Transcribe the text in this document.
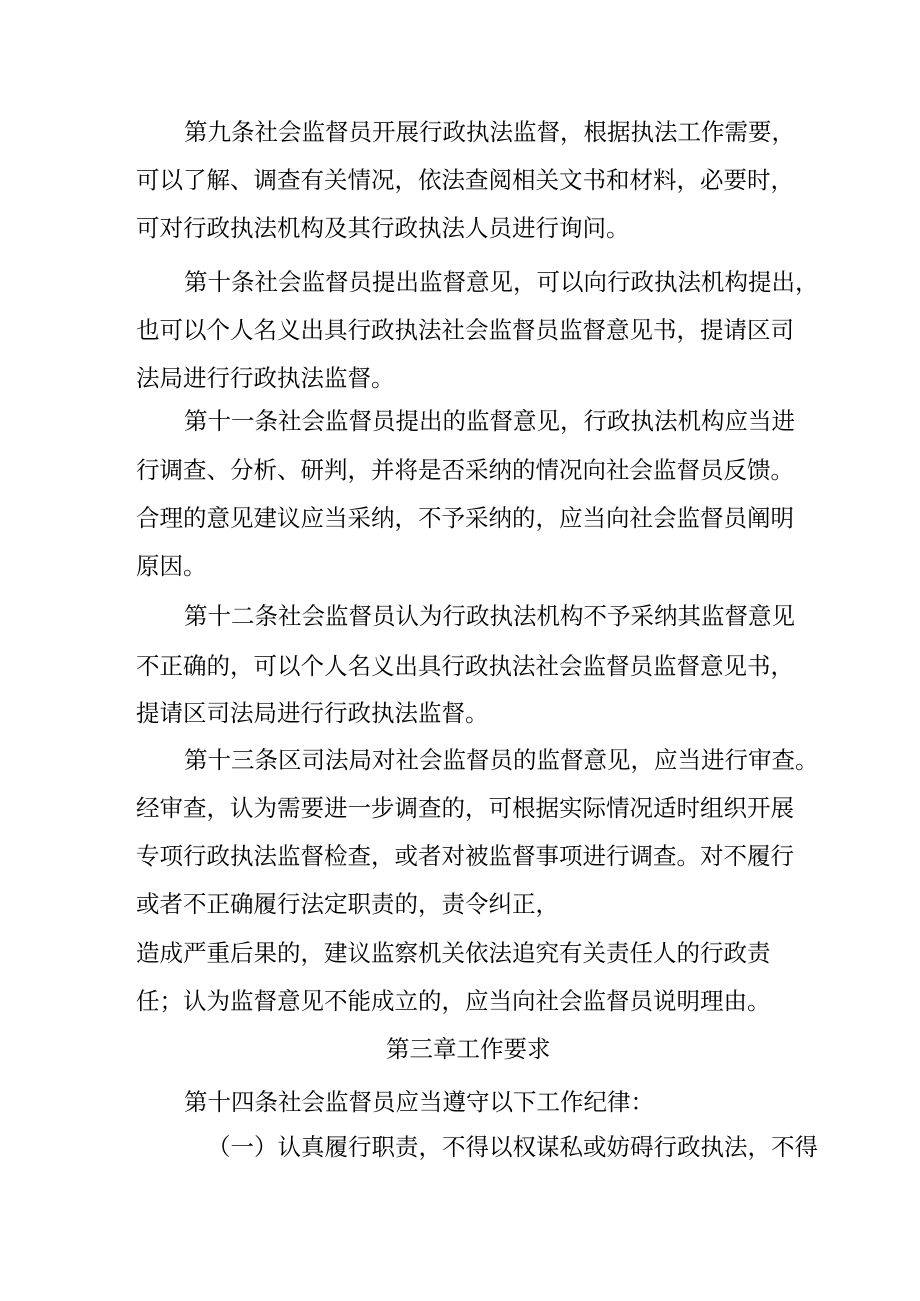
第九条社会监督员开展行政执法监督，根据执法工作需要，
可以了解、调查有关情况，依法查阅相关文书和材料，必要时，
可对行政执法机构及其行政执法人员进行询问。
第十条社会监督员提出监督意见，可以向行政执法机构提出，
也可以个人名义出具行政执法社会监督员监督意见书，提请区司
法局进行行政执法监督。
第十一条社会监督员提出的监督意见，行政执法机构应当进
行调查、分析、研判，并将是否采纳的情况向社会监督员反馈。
合理的意见建议应当采纳，不予采纳的，应当向社会监督员阐明
原因。
第十二条社会监督员认为行政执法机构不予采纳其监督意见
不正确的，可以个人名义出具行政执法社会监督员监督意见书，
提请区司法局进行行政执法监督。
第十三条区司法局对社会监督员的监督意见，应当进行审查。
经审查，认为需要进一步调查的，可根据实际情况适时组织开展
专项行政执法监督检查，或者对被监督事项进行调查。对不履行
或者不正确履行法定职责的，责令纠正，
造成严重后果的，建议监察机关依法追究有关责任人的行政责
任；认为监督意见不能成立的，应当向社会监督员说明理由。
第三章工作要求
第十四条社会监督员应当遵守以下工作纪律：
（一）认真履行职责，不得以权谋私或妨碍行政执法，不得
